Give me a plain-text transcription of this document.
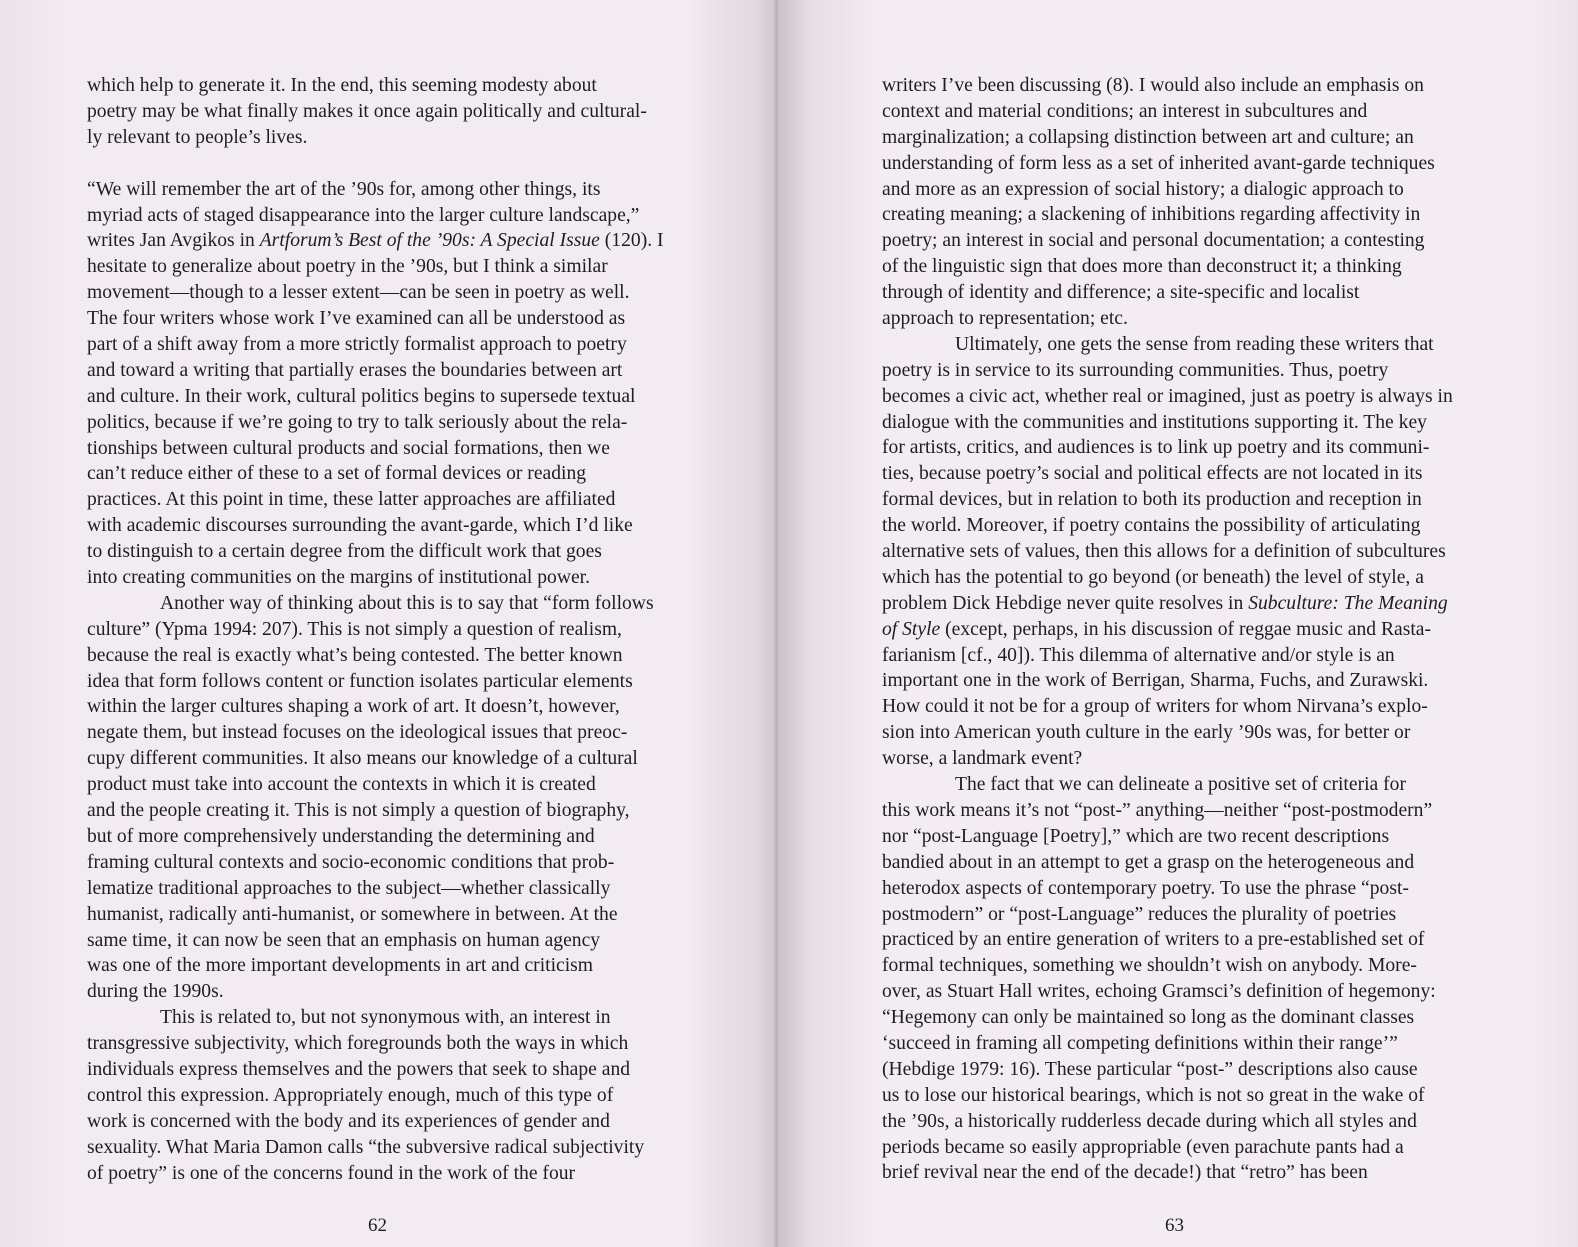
which help to generate it. In the end, this seeming modesty about
poetry may be what finally makes it once again politically and cultural-
ly relevant to people’s lives.
“We will remember the art of the ’90s for, among other things, its
myriad acts of staged disappearance into the larger culture landscape,”
writes Jan Avgikos in Artforum’s Best of the ’90s: A Special Issue (120). I
hesitate to generalize about poetry in the ’90s, but I think a similar
movement—though to a lesser extent—can be seen in poetry as well.
The four writers whose work I’ve examined can all be understood as
part of a shift away from a more strictly formalist approach to poetry
and toward a writing that partially erases the boundaries between art
and culture. In their work, cultural politics begins to supersede textual
politics, because if we’re going to try to talk seriously about the rela-
tionships between cultural products and social formations, then we
can’t reduce either of these to a set of formal devices or reading
practices. At this point in time, these latter approaches are affiliated
with academic discourses surrounding the avant-garde, which I’d like
to distinguish to a certain degree from the difficult work that goes
into creating communities on the margins of institutional power.
Another way of thinking about this is to say that “form follows
culture” (Ypma 1994: 207). This is not simply a question of realism,
because the real is exactly what’s being contested. The better known
idea that form follows content or function isolates particular elements
within the larger cultures shaping a work of art. It doesn’t, however,
negate them, but instead focuses on the ideological issues that preoc-
cupy different communities. It also means our knowledge of a cultural
product must take into account the contexts in which it is created
and the people creating it. This is not simply a question of biography,
but of more comprehensively understanding the determining and
framing cultural contexts and socio-economic conditions that prob-
lematize traditional approaches to the subject—whether classically
humanist, radically anti-humanist, or somewhere in between. At the
same time, it can now be seen that an emphasis on human agency
was one of the more important developments in art and criticism
during the 1990s.
This is related to, but not synonymous with, an interest in
transgressive subjectivity, which foregrounds both the ways in which
individuals express themselves and the powers that seek to shape and
control this expression. Appropriately enough, much of this type of
work is concerned with the body and its experiences of gender and
sexuality. What Maria Damon calls “the subversive radical subjectivity
of poetry” is one of the concerns found in the work of the four
62
writers I’ve been discussing (8). I would also include an emphasis on
context and material conditions; an interest in subcultures and
marginalization; a collapsing distinction between art and culture; an
understanding of form less as a set of inherited avant-garde techniques
and more as an expression of social history; a dialogic approach to
creating meaning; a slackening of inhibitions regarding affectivity in
poetry; an interest in social and personal documentation; a contesting
of the linguistic sign that does more than deconstruct it; a thinking
through of identity and difference; a site-specific and localist
approach to representation; etc.
Ultimately, one gets the sense from reading these writers that
poetry is in service to its surrounding communities. Thus, poetry
becomes a civic act, whether real or imagined, just as poetry is always in
dialogue with the communities and institutions supporting it. The key
for artists, critics, and audiences is to link up poetry and its communi-
ties, because poetry’s social and political effects are not located in its
formal devices, but in relation to both its production and reception in
the world. Moreover, if poetry contains the possibility of articulating
alternative sets of values, then this allows for a definition of subcultures
which has the potential to go beyond (or beneath) the level of style, a
problem Dick Hebdige never quite resolves in Subculture: The Meaning
of Style (except, perhaps, in his discussion of reggae music and Rasta-
farianism [cf., 40]). This dilemma of alternative and/or style is an
important one in the work of Berrigan, Sharma, Fuchs, and Zurawski.
How could it not be for a group of writers for whom Nirvana’s explo-
sion into American youth culture in the early ’90s was, for better or
worse, a landmark event?
The fact that we can delineate a positive set of criteria for
this work means it’s not “post-” anything—neither “post-postmodern”
nor “post-Language [Poetry],” which are two recent descriptions
bandied about in an attempt to get a grasp on the heterogeneous and
heterodox aspects of contemporary poetry. To use the phrase “post-
postmodern” or “post-Language” reduces the plurality of poetries
practiced by an entire generation of writers to a pre-established set of
formal techniques, something we shouldn’t wish on anybody. More-
over, as Stuart Hall writes, echoing Gramsci’s definition of hegemony:
“Hegemony can only be maintained so long as the dominant classes
‘succeed in framing all competing definitions within their range’”
(Hebdige 1979: 16). These particular “post-” descriptions also cause
us to lose our historical bearings, which is not so great in the wake of
the ’90s, a historically rudderless decade during which all styles and
periods became so easily appropriable (even parachute pants had a
brief revival near the end of the decade!) that “retro” has been
63
